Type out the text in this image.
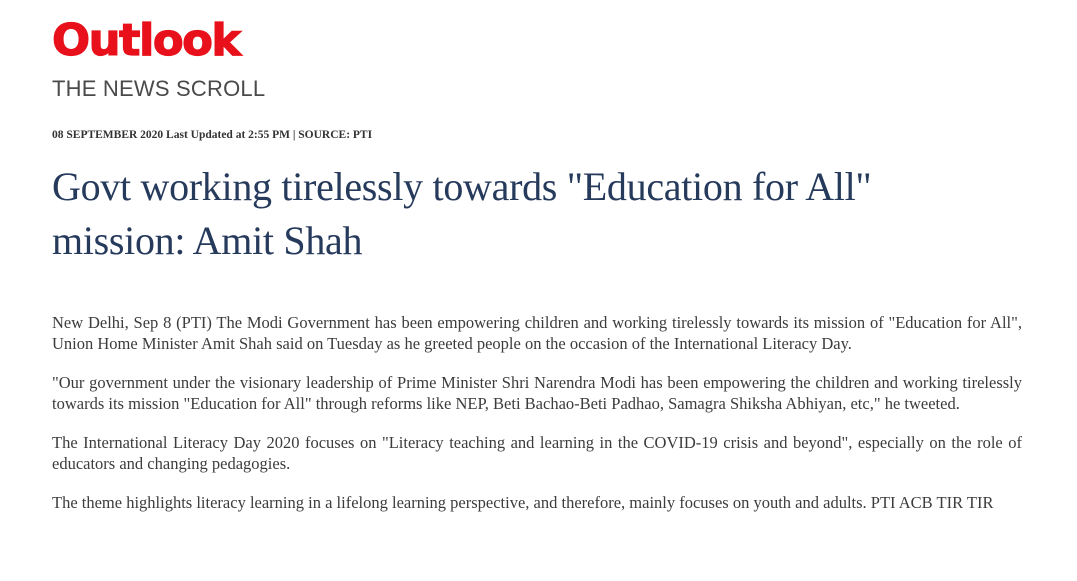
Outlook
THE NEWS SCROLL
08 SEPTEMBER 2020 Last Updated at 2:55 PM | SOURCE: PTI
Govt working tirelessly towards "Education for All" mission: Amit Shah

New Delhi, Sep 8 (PTI) The Modi Government has been empowering children and working tirelessly towards its mission of "Education for All", Union Home Minister Amit Shah said on Tuesday as he greeted people on the occasion of the International Literacy Day.

"Our government under the visionary leadership of Prime Minister Shri Narendra Modi has been empowering the children and working tirelessly towards its mission "Education for All" through reforms like NEP, Beti Bachao-Beti Padhao, Samagra Shiksha Abhiyan, etc," he tweeted.

The International Literacy Day 2020 focuses on "Literacy teaching and learning in the COVID-19 crisis and beyond", especially on the role of educators and changing pedagogies.

The theme highlights literacy learning in a lifelong learning perspective, and therefore, mainly focuses on youth and adults. PTI ACB TIR TIR
